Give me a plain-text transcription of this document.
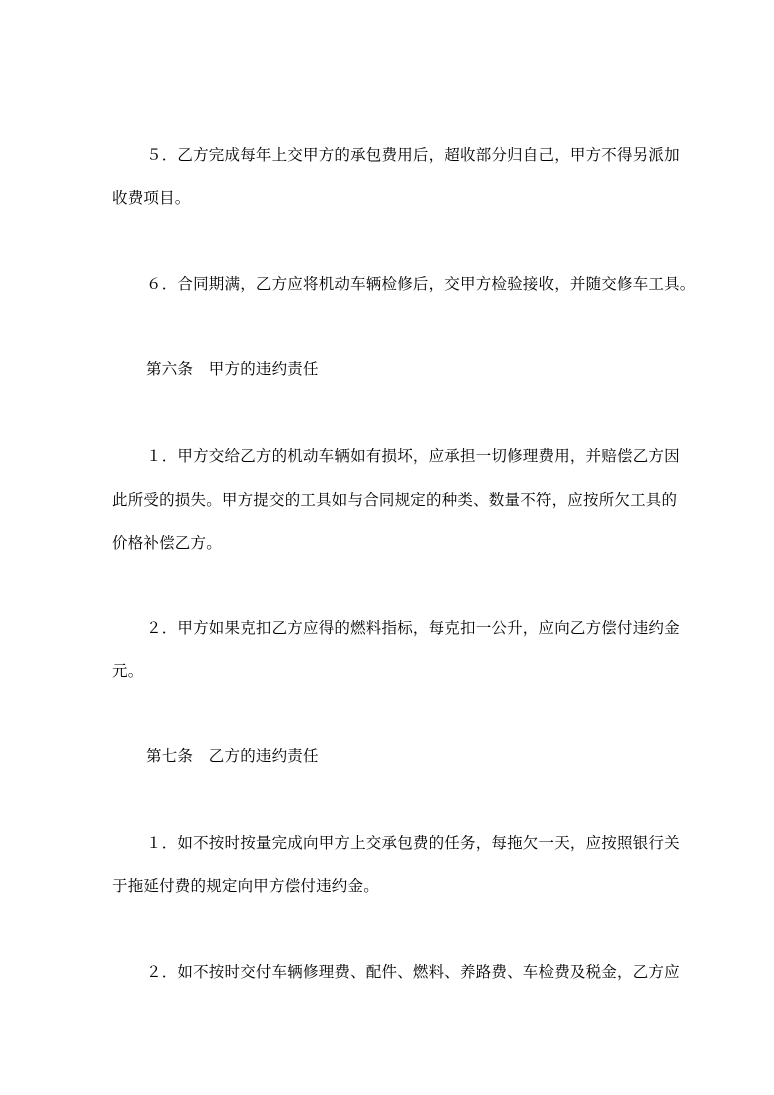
５．乙方完成每年上交甲方的承包费用后，超收部分归自己，甲方不得另派加
收费项目。
６．合同期满，乙方应将机动车辆检修后，交甲方检验接收，并随交修车工具。
第六条　甲方的违约责任
１．甲方交给乙方的机动车辆如有损坏，应承担一切修理费用，并赔偿乙方因
此所受的损失。甲方提交的工具如与合同规定的种类、数量不符，应按所欠工具的
价格补偿乙方。
２．甲方如果克扣乙方应得的燃料指标，每克扣一公升，应向乙方偿付违约金
元。
第七条　乙方的违约责任
１．如不按时按量完成向甲方上交承包费的任务，每拖欠一天，应按照银行关
于拖延付费的规定向甲方偿付违约金。
２．如不按时交付车辆修理费、配件、燃料、养路费、车检费及税金，乙方应
